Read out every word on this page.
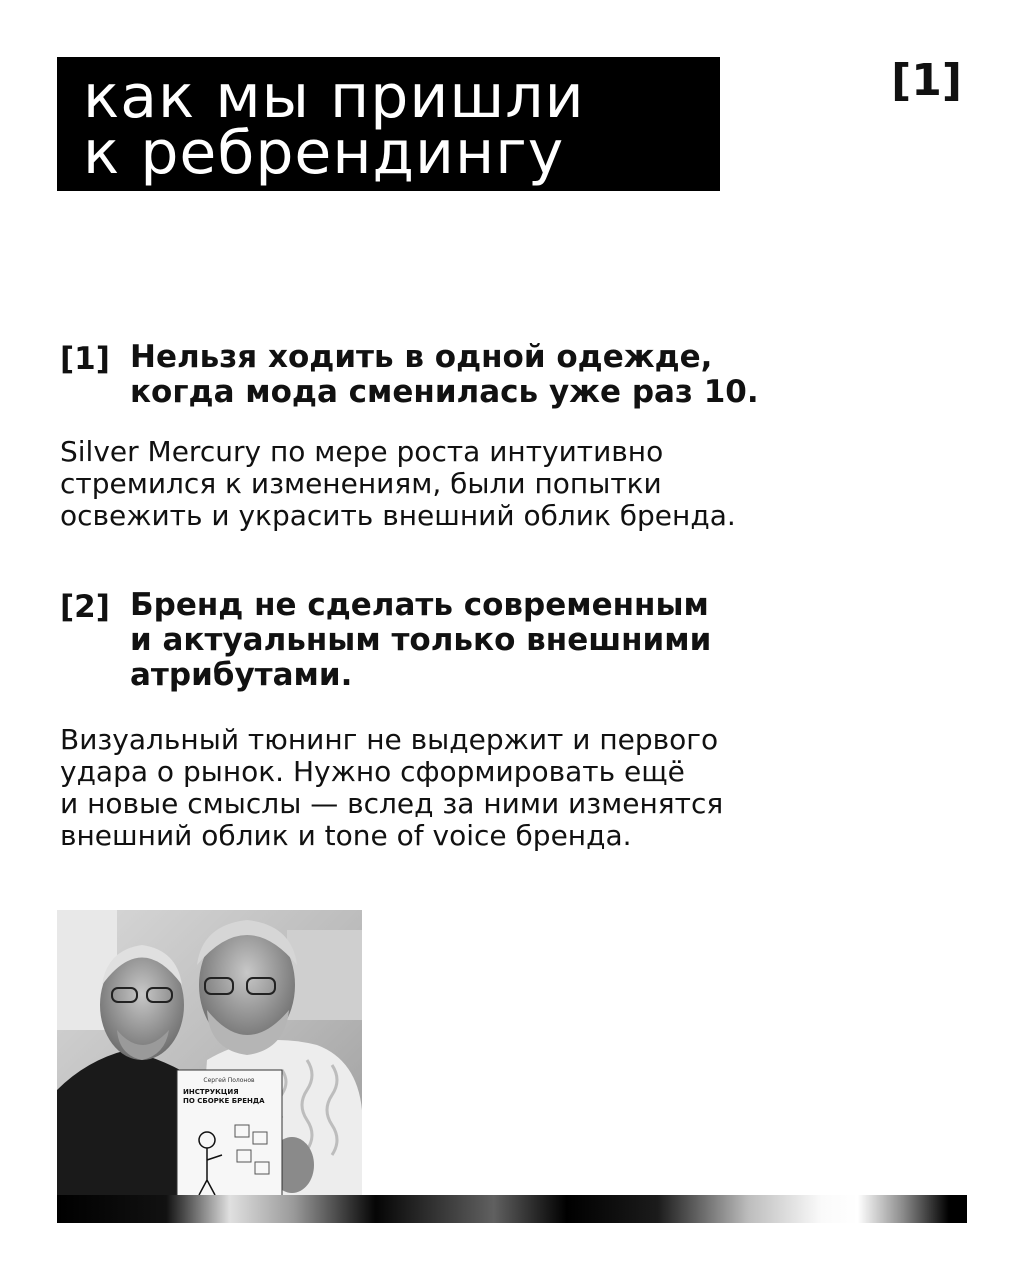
как мы пришли
к ребрендингу
[1]
[1] Нельзя ходить в одной одежде,
когда мода сменилась уже раз 10.
Silver Mercury по мере роста интуитивно
стремился к изменениям, были попытки
освежить и украсить внешний облик бренда.
[2] Бренд не сделать современным
и актуальным только внешними
атрибутами.
Визуальный тюнинг не выдержит и первого
удара о рынок. Нужно сформировать ещё
и новые смыслы — вслед за ними изменятся
внешний облик и tone of voice бренда.
Сергей Полонов
ИНСТРУКЦИЯ
ПО СБОРКЕ БРЕНДА
